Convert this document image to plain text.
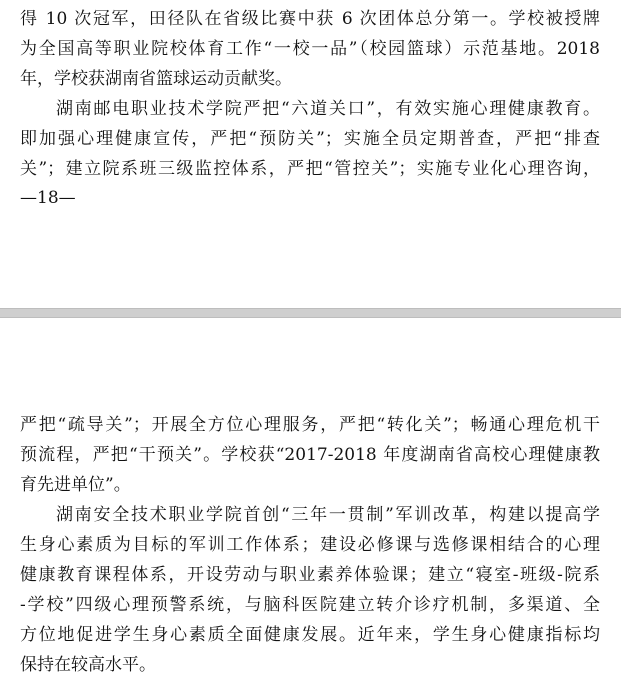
得 10 次冠军，田径队在省级比赛中获 6 次团体总分第一。学校被授牌
为全国高等职业院校体育工作“一校一品”（校园篮球）示范基地。2018
年，学校获湖南省篮球运动贡献奖。
湖南邮电职业技术学院严把“六道关口”，有效实施心理健康教育。
即加强心理健康宣传，严把“预防关”；实施全员定期普查，严把“排查
关”；建立院系班三级监控体系，严把“管控关”；实施专业化心理咨询，
—18—
严把“疏导关”；开展全方位心理服务，严把“转化关”；畅通心理危机干
预流程，严把“干预关”。学校获“2017-2018 年度湖南省高校心理健康教
育先进单位”。
湖南安全技术职业学院首创“三年一贯制”军训改革，构建以提高学
生身心素质为目标的军训工作体系；建设必修课与选修课相结合的心理
健康教育课程体系，开设劳动与职业素养体验课；建立“寝室-班级-院系
-学校”四级心理预警系统，与脑科医院建立转介诊疗机制，多渠道、全
方位地促进学生身心素质全面健康发展。近年来，学生身心健康指标均
保持在较高水平。
